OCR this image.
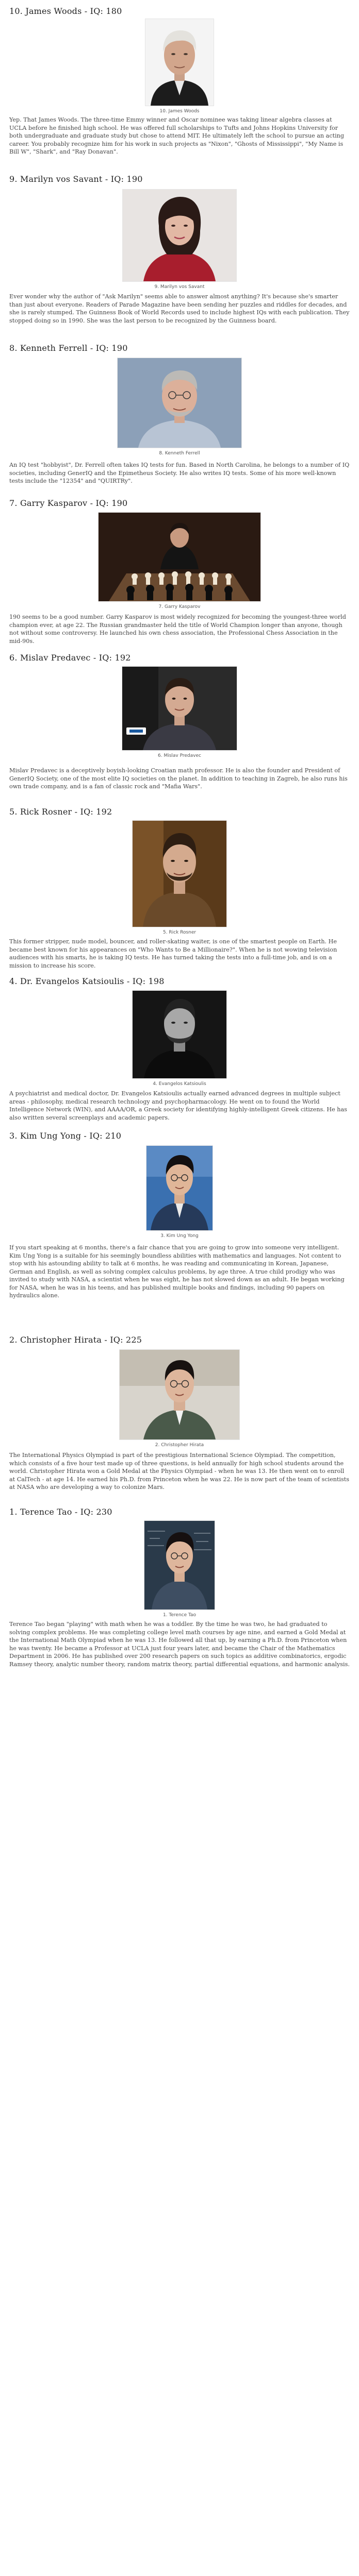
10. James Woods - IQ: 180
10. James Woods
Yep. That James Woods. The three-time Emmy winner and Oscar nominee was taking linear algebra classes at UCLA before he finished high school. He was offered full scholarships to Tufts and Johns Hopkins University for both undergraduate and graduate study but chose to attend MIT. He ultimately left the school to pursue an acting career. You probably recognize him for his work in such projects as "Nixon", "Ghosts of Mississippi", "My Name is Bill W", "Shark", and "Ray Donavan".
9. Marilyn vos Savant - IQ: 190
9. Marilyn vos Savant
Ever wonder why the author of "Ask Marilyn" seems able to answer almost anything? It's because she's smarter than just about everyone. Readers of Parade Magazine have been sending her puzzles and riddles for decades, and she is rarely stumped. The Guinness Book of World Records used to include highest IQs with each publication. They stopped doing so in 1990. She was the last person to be recognized by the Guinness board.
8. Kenneth Ferrell - IQ: 190
8. Kenneth Ferrell
An IQ test "hobbyist", Dr. Ferrell often takes IQ tests for fun. Based in North Carolina, he belongs to a number of IQ societies, including GenerIQ and the Epimetheus Society. He also writes IQ tests. Some of his more well-known tests include the "12354" and "QUIRTRy".
7. Garry Kasparov - IQ: 190
7. Garry Kasparov
190 seems to be a good number. Garry Kasparov is most widely recognized for becoming the youngest-three world champion ever, at age 22. The Russian grandmaster held the title of World Champion longer than anyone, though not without some controversy. He launched his own chess association, the Professional Chess Association in the mid-90s.
6. Mislav Predavec - IQ: 192
6. Mislav Predavec
Mislav Predavec is a deceptively boyish-looking Croatian math professor. He is also the founder and President of GenerIQ Society, one of the most elite IQ societies on the planet. In addition to teaching in Zagreb, he also runs his own trade company, and is a fan of classic rock and "Mafia Wars".
5. Rick Rosner - IQ: 192
5. Rick Rosner
This former stripper, nude model, bouncer, and roller-skating waiter, is one of the smartest people on Earth. He became best known for his appearances on "Who Wants to Be a Millionaire?". When he is not wowing television audiences with his smarts, he is taking IQ tests. He has turned taking the tests into a full-time job, and is on a mission to increase his score.
4. Dr. Evangelos Katsioulis - IQ: 198
4. Evangelos Katsioulis
A psychiatrist and medical doctor, Dr. Evangelos Katsioulis actually earned advanced degrees in multiple subject areas - philosophy, medical research technology and psychopharmacology. He went on to found the World Intelligence Network (WIN), and AAAA/OR, a Greek society for identifying highly-intelligent Greek citizens. He has also written several screenplays and academic papers.
3. Kim Ung Yong - IQ: 210
3. Kim Ung Yong
If you start speaking at 6 months, there's a fair chance that you are going to grow into someone very intelligent. Kim Ung Yong is a suitable for his seemingly boundless abilities with mathematics and languages. Not content to stop with his astounding ability to talk at 6 months, he was reading and communicating in Korean, Japanese, German and English, as well as solving complex calculus problems, by age three. A true child prodigy who was invited to study with NASA, a scientist when he was eight, he has not slowed down as an adult. He began working for NASA, when he was in his teens, and has published multiple books and findings, including 90 papers on hydraulics alone.
2. Christopher Hirata - IQ: 225
2. Christopher Hirata
The International Physics Olympiad is part of the prestigious International Science Olympiad. The competition, which consists of a five hour test made up of three questions, is held annually for high school students around the world. Christopher Hirata won a Gold Medal at the Physics Olympiad - when he was 13. He then went on to enroll at CalTech - at age 14. He earned his Ph.D. from Princeton when he was 22. He is now part of the team of scientists at NASA who are developing a way to colonize Mars.
1. Terence Tao - IQ: 230
1. Terence Tao
Terence Tao began "playing" with math when he was a toddler. By the time he was two, he had graduated to solving complex problems. He was completing college level math courses by age nine, and earned a Gold Medal at the International Math Olympiad when he was 13. He followed all that up, by earning a Ph.D. from Princeton when he was twenty. He became a Professor at UCLA just four years later, and became the Chair of the Mathematics Department in 2006. He has published over 200 research papers on such topics as additive combinatorics, ergodic Ramsey theory, analytic number theory, random matrix theory, partial differential equations, and harmonic analysis.
